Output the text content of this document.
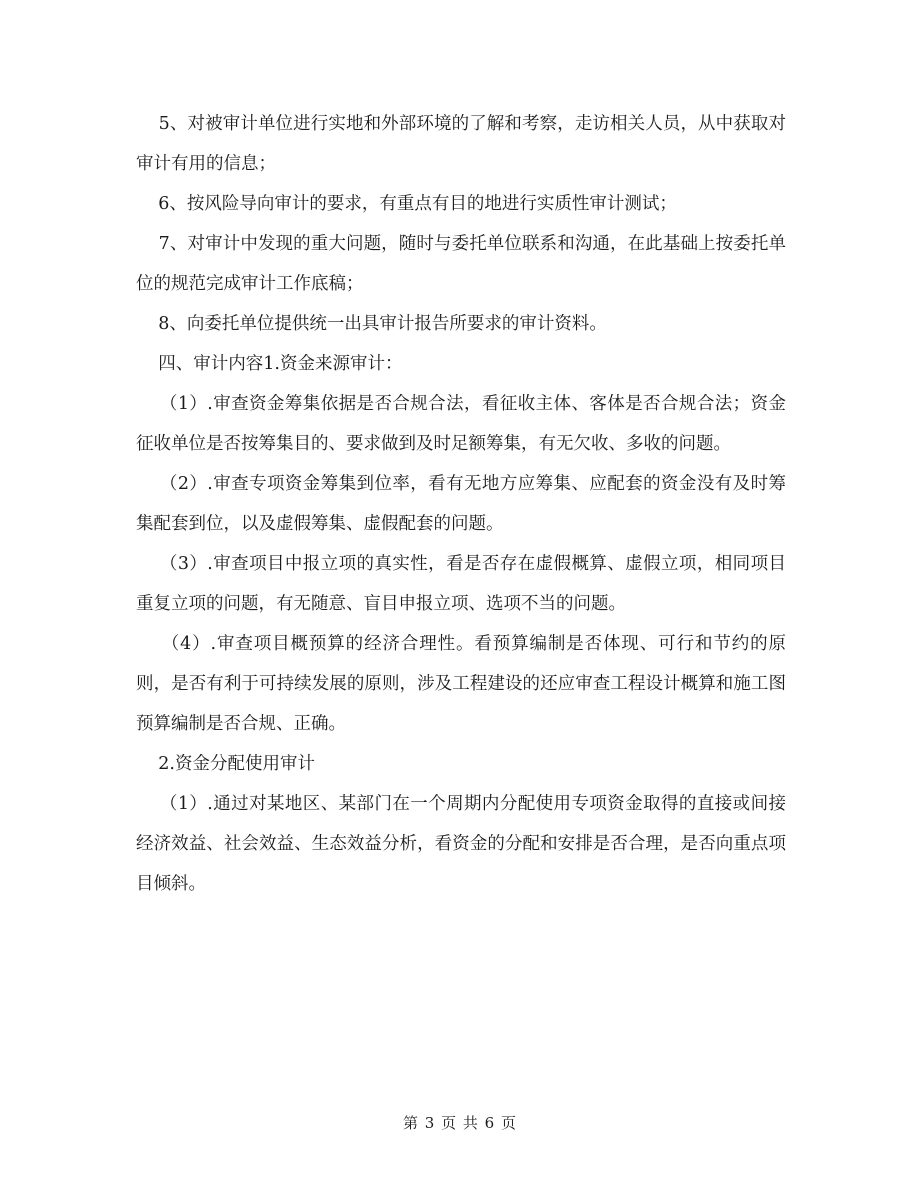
5、对被审计单位进行实地和外部环境的了解和考察，走访相关人员，从中获取对审计有用的信息；

6、按风险导向审计的要求，有重点有目的地进行实质性审计测试；

7、对审计中发现的重大问题，随时与委托单位联系和沟通，在此基础上按委托单位的规范完成审计工作底稿；

8、向委托单位提供统一出具审计报告所要求的审计资料。

四、审计内容1.资金来源审计：

（1）.审查资金筹集依据是否合规合法，看征收主体、客体是否合规合法；资金征收单位是否按筹集目的、要求做到及时足额筹集，有无欠收、多收的问题。

（2）.审查专项资金筹集到位率，看有无地方应筹集、应配套的资金没有及时筹集配套到位，以及虚假筹集、虚假配套的问题。

（3）.审查项目中报立项的真实性，看是否存在虚假概算、虚假立项，相同项目重复立项的问题，有无随意、盲目申报立项、选项不当的问题。

（4）.审查项目概预算的经济合理性。看预算编制是否体现、可行和节约的原则，是否有利于可持续发展的原则，涉及工程建设的还应审查工程设计概算和施工图预算编制是否合规、正确。

2.资金分配使用审计

（1）.通过对某地区、某部门在一个周期内分配使用专项资金取得的直接或间接经济效益、社会效益、生态效益分析，看资金的分配和安排是否合理，是否向重点项目倾斜。

第 3 页 共 6 页
